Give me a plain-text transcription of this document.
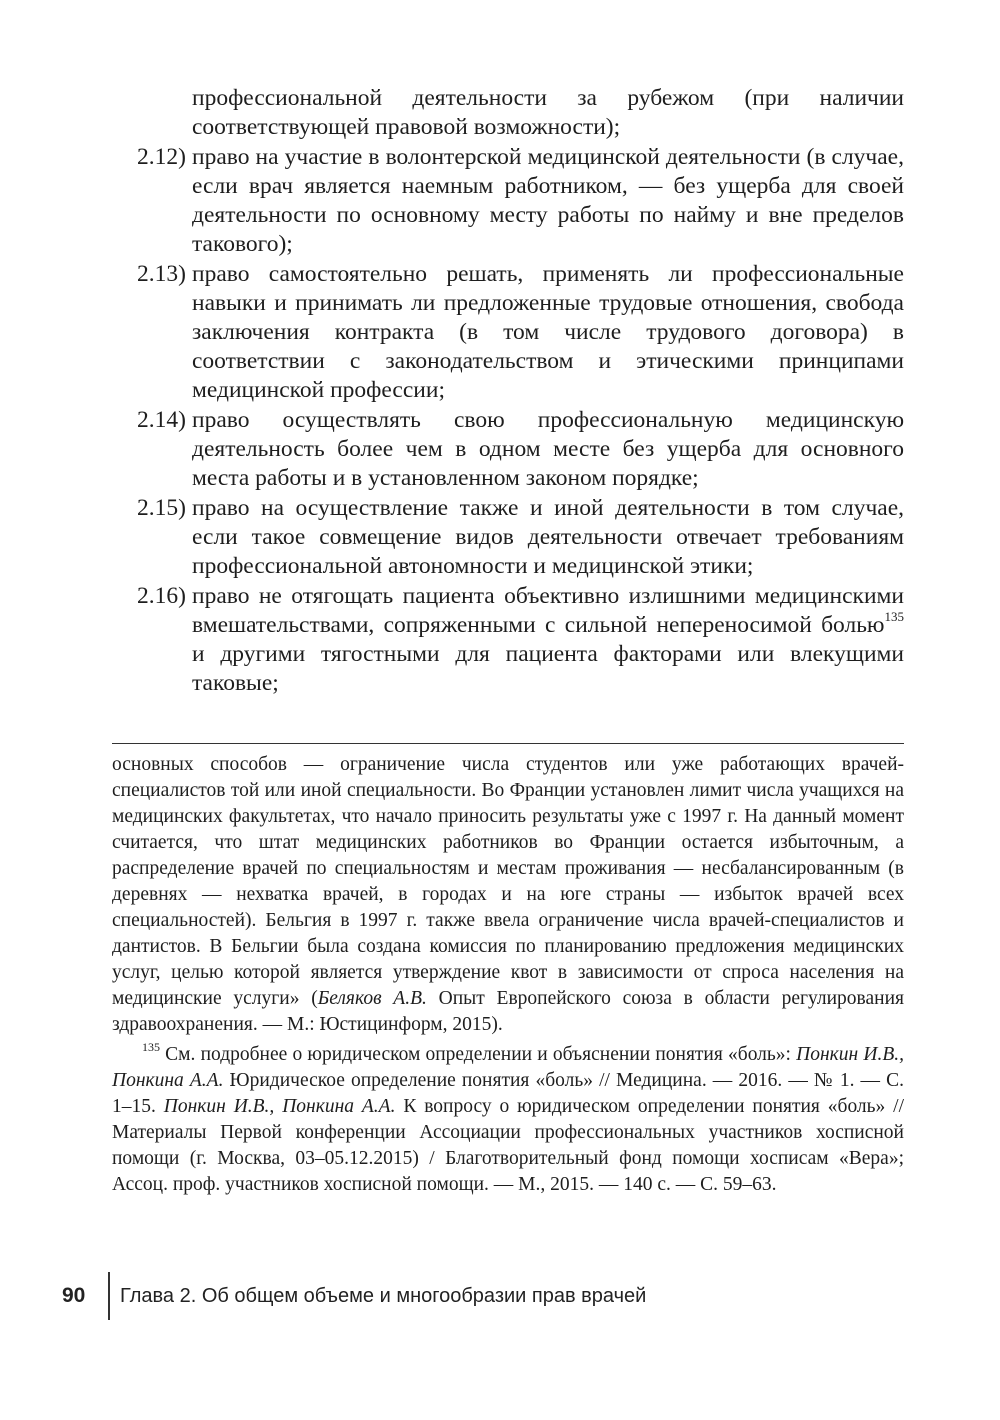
профессиональной деятельности за рубежом (при наличии соответствующей правовой возможности);

2.12) право на участие в волонтерской медицинской деятельности (в случае, если врач является наемным работником, — без ущерба для своей деятельности по основному месту работы по найму и вне пределов такового);
2.13) право самостоятельно решать, применять ли профессиональные навыки и принимать ли предложенные трудовые отношения, свобода заключения контракта (в том числе трудового договора) в соответствии с законодательством и этическими принципами медицинской профессии;
2.14) право осуществлять свою профессиональную медицинскую деятельность более чем в одном месте без ущерба для основного места работы и в установленном законом порядке;
2.15) право на осуществление также и иной деятельности в том случае, если такое совмещение видов деятельности отвечает требованиям профессиональной автономности и медицинской этики;
2.16) право не отягощать пациента объективно излишними медицинскими вмешательствами, сопряженными с сильной непереносимой болью$^{135}$ и другими тягостными для пациента факторами или влекущими таковые;

основных способов — ограничение числа студентов или уже работающих врачей-специалистов той или иной специальности. Во Франции установлен лимит числа учащихся на медицинских факультетах, что начало приносить результаты уже с 1997 г. На данный момент считается, что штат медицинских работников во Франции остается избыточным, а распределение врачей по специальностям и местам проживания — несбалансированным (в деревнях — нехватка врачей, в городах и на юге страны — избыток врачей всех специальностей). Бельгия в 1997 г. также ввела ограничение числа врачей-специалистов и дантистов. В Бельгии была создана комиссия по планированию предложения медицинских услуг, целью которой является утверждение квот в зависимости от спроса населения на медицинские услуги» (Беляков А.В. Опыт Европейского союза в области регулирования здравоохранения. — М.: Юстицинформ, 2015).

$^{135}$ См. подробнее о юридическом определении и объяснении понятия «боль»: Понкин И.В., Понкина А.А. Юридическое определение понятия «боль» // Медицина. — 2016. — № 1. — С. 1–15. Понкин И.В., Понкина А.А. К вопросу о юридическом определении понятия «боль» // Материалы Первой конференции Ассоциации профессиональных участников хосписной помощи (г. Москва, 03–05.12.2015) / Благотворительный фонд помощи хосписам «Вера»; Ассоц. проф. участников хосписной помощи. — М., 2015. — 140 с. — С. 59–63.

90	Глава 2. Об общем объеме и многообразии прав врачей
